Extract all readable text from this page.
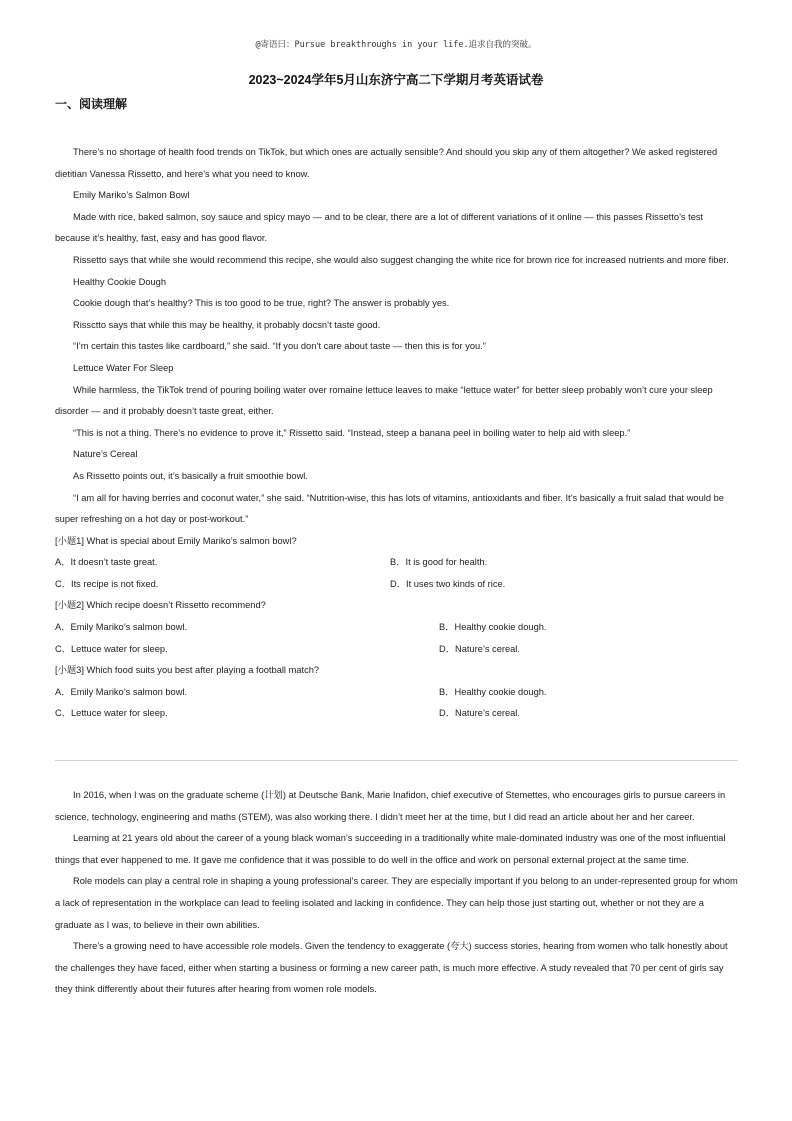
@寄语曰：Pursue breakthroughs in your life.追求自我的突破。
2023~2024学年5月山东济宁高二下学期月考英语试卷
一、阅读理解

There’s no shortage of health food trends on TikTok, but which ones are actually sensible? And should you skip any of them altogether? We asked registered dietitian Vanessa Rissetto, and here’s what you need to know.

Emily Mariko’s Salmon Bowl

Made with rice, baked salmon, soy sauce and spicy mayo — and to be clear, there are a lot of different variations of it online — this passes Rissetto’s test because it’s healthy, fast, easy and has good flavor.

Rissetto says that while she would recommend this recipe, she would also suggest changing the white rice for brown rice for increased nutrients and more fiber.

Healthy Cookie Dough

Cookie dough that’s healthy? This is too good to be true, right? The answer is probably yes.

Rissctto says that while this may be healthy, it probably docsn’t taste good.

“I’m certain this tastes like cardboard,” she said. “If you don’t care about taste — then this is for you.”

Lettuce Water For Sleep

While harmless, the TikTok trend of pouring boiling water over romaine lettuce leaves to make “lettuce water” for better sleep probably won’t cure your sleep disorder — and it probably doesn’t taste great, either.

“This is not a thing. There’s no evidence to prove it,” Rissetto said. “Instead, steep a banana peel in boiling water to help aid with sleep.”

Nature’s Cereal

As Rissetto points out, it’s basically a fruit smoothie bowl.

“I am all for having berries and coconut water,” she said. “Nutrition-wise, this has lots of vitamins, antioxidants and fiber. It’s basically a fruit salad that would be super refreshing on a hot day or post-workout.”

[小题1] What is special about Emily Mariko’s salmon bowl?

A．It doesn’t taste great.	B．It is good for health.

C．Its recipe is not fixed.	D．It uses two kinds of rice.

[小题2] Which recipe doesn’t Rissetto recommend?

A．Emily Mariko’s salmon bowl.	B．Healthy cookie dough.

C．Lettuce water for sleep.	D．Nature’s cereal.

[小题3] Which food suits you best after playing a football match?

A．Emily Mariko’s salmon bowl.	B．Healthy cookie dough.

C．Lettuce water for sleep.	D．Nature’s cereal.

In 2016, when I was on the graduate scheme (计划) at Deutsche Bank, Marie Inafidon, chief executive of Stemettes, who encourages girls to pursue careers in science, technology, engineering and maths (STEM), was also working there. I didn’t meet her at the time, but I did read an article about her and her career.

Learning at 21 years old about the career of a young black woman’s succeeding in a traditionally white male-dominated industry was one of the most influential things that ever happened to me. It gave me confidence that it was possible to do well in the office and work on personal external project at the same time.

Role models can play a central role in shaping a young professional’s career. They are especially important if you belong to an under-represented group for whom a lack of representation in the workplace can lead to feeling isolated and lacking in confidence. They can help those just starting out, whether or not they are a graduate as I was, to believe in their own abilities.

There’s a growing need to have accessible role models. Given the tendency to exaggerate (夸大) success stories, hearing from women who talk honestly about the challenges they have faced, either when starting a business or forming a new career path, is much more effective. A study revealed that 70 per cent of girls say they think differently about their futures after hearing from women role models.
